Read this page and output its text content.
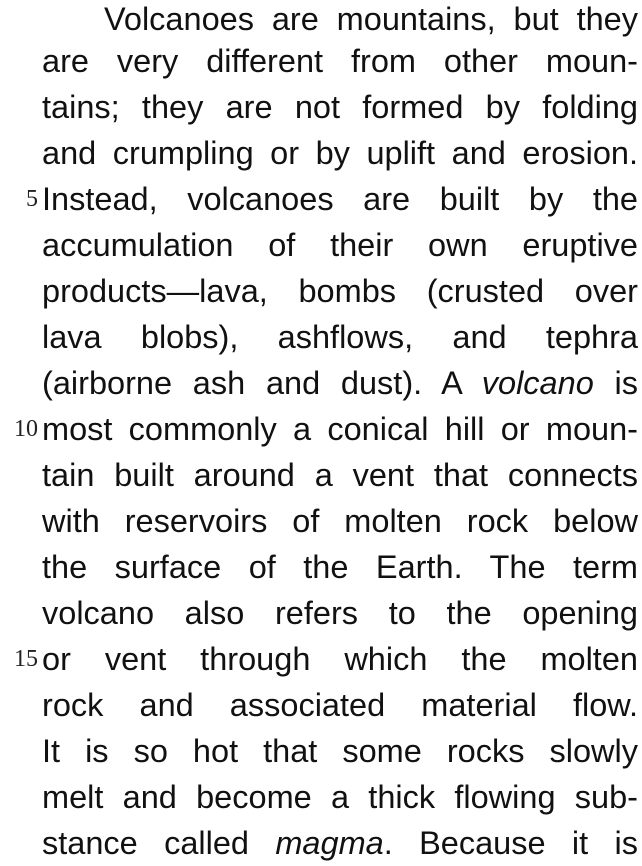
Volcanoes are mountains, but they
are very different from other moun-
tains; they are not formed by folding
and crumpling or by uplift and erosion.
5 Instead, volcanoes are built by the
accumulation of their own eruptive
products—lava, bombs (crusted over
lava blobs), ashflows, and tephra
(airborne ash and dust). A volcano is
10 most commonly a conical hill or moun-
tain built around a vent that connects
with reservoirs of molten rock below
the surface of the Earth. The term
volcano also refers to the opening
15 or vent through which the molten
rock and associated material flow.
It is so hot that some rocks slowly
melt and become a thick flowing sub-
stance called magma. Because it is
